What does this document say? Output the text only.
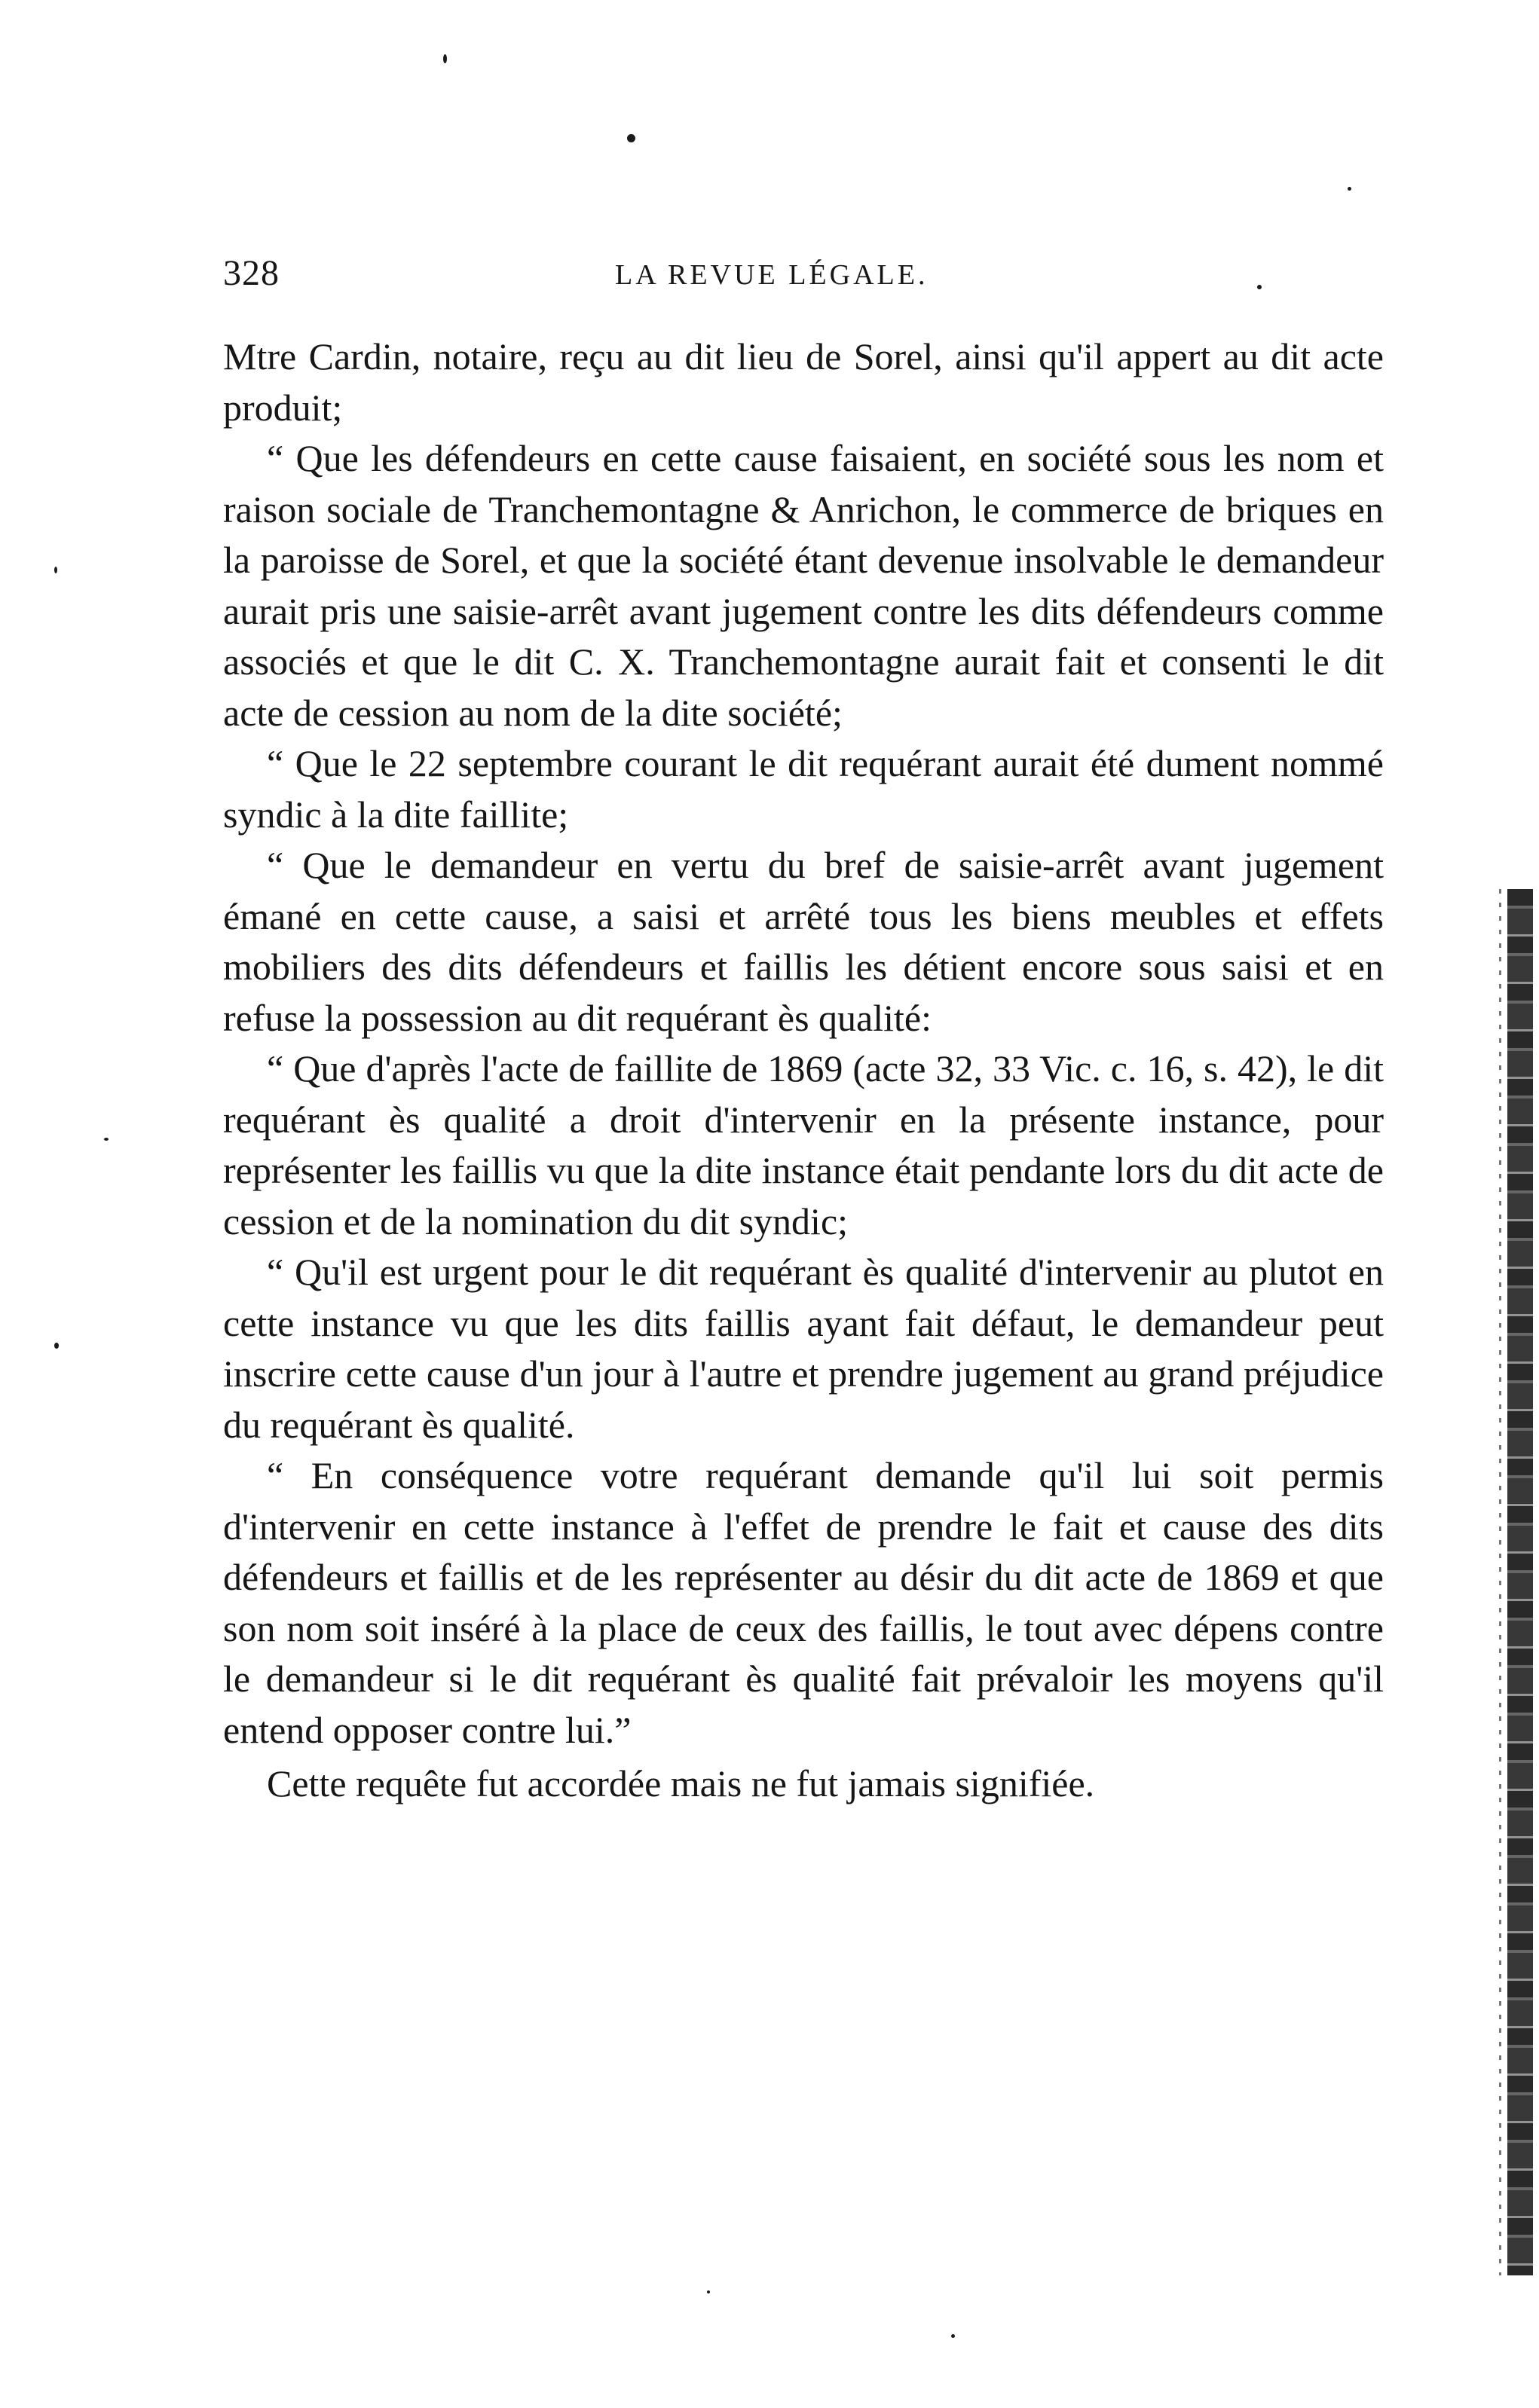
328	LA REVUE LÉGALE.

Mtre Cardin, notaire, reçu au dit lieu de Sorel, ainsi qu'il appert au dit acte produit;

“ Que les défendeurs en cette cause faisaient, en société sous les nom et raison sociale de Tranchemontagne & Anrichon, le commerce de briques en la paroisse de Sorel, et que la société étant devenue insolvable le demandeur aurait pris une saisie-arrêt avant jugement contre les dits défendeurs comme associés et que le dit C. X. Tranchemontagne aurait fait et consenti le dit acte de cession au nom de la dite société;

“ Que le 22 septembre courant le dit requérant aurait été dument nommé syndic à la dite faillite;

“ Que le demandeur en vertu du bref de saisie-arrêt avant jugement émané en cette cause, a saisi et arrêté tous les biens meubles et effets mobiliers des dits défendeurs et faillis les détient encore sous saisi et en refuse la possession au dit requérant ès qualité:

“ Que d'après l'acte de faillite de 1869 (acte 32, 33 Vic. c. 16, s. 42), le dit requérant ès qualité a droit d'intervenir en la présente instance, pour représenter les faillis vu que la dite instance était pendante lors du dit acte de cession et de la nomination du dit syndic;

“ Qu'il est urgent pour le dit requérant ès qualité d'intervenir au plutot en cette instance vu que les dits faillis ayant fait défaut, le demandeur peut inscrire cette cause d'un jour à l'autre et prendre jugement au grand préjudice du requérant ès qualité.

“ En conséquence votre requérant demande qu'il lui soit permis d'intervenir en cette instance à l'effet de prendre le fait et cause des dits défendeurs et faillis et de les représenter au désir du dit acte de 1869 et que son nom soit inséré à la place de ceux des faillis, le tout avec dépens contre le demandeur si le dit requérant ès qualité fait prévaloir les moyens qu'il entend opposer contre lui.”

Cette requête fut accordée mais ne fut jamais signifiée.
